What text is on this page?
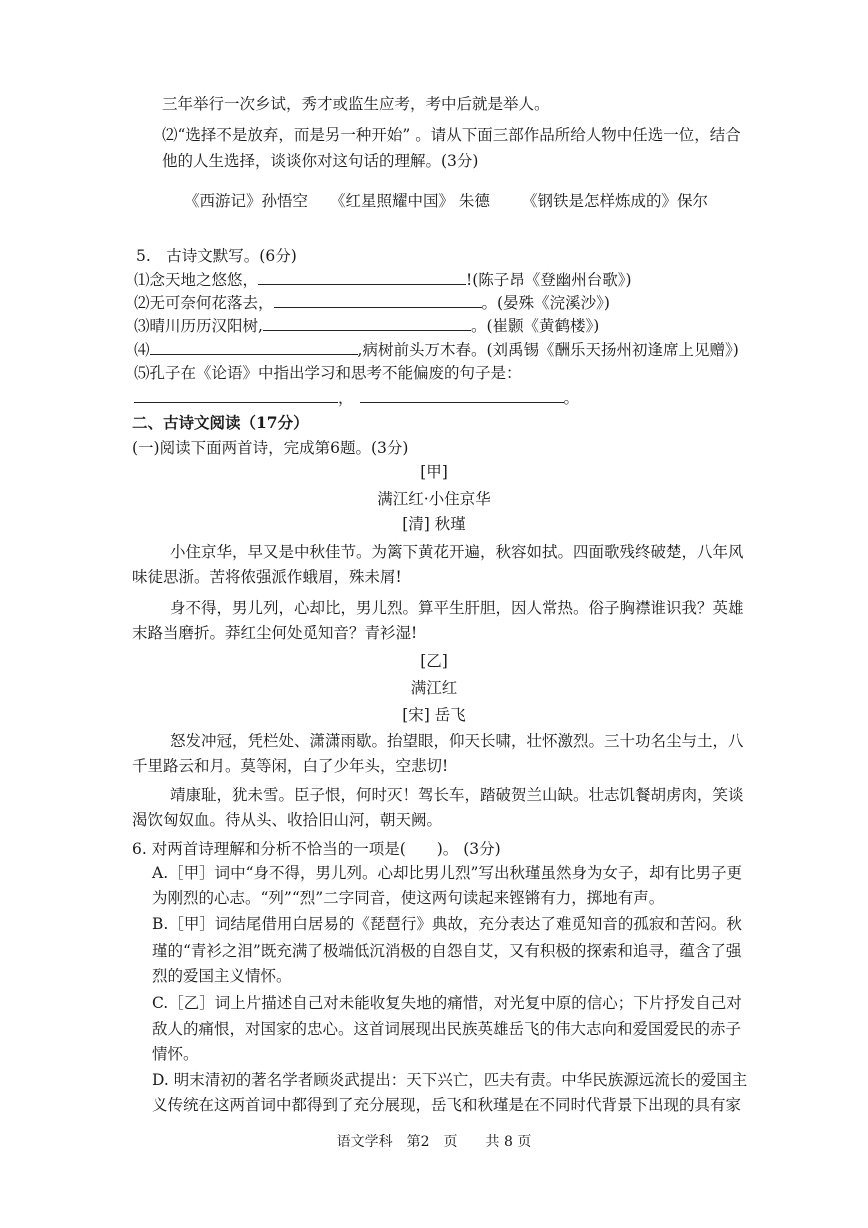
三年举行一次乡试，秀才或监生应考，考中后就是举人。
⑵“选择不是放弃，而是另一种开始” 。请从下面三部作品所给人物中任选一位，结合
他的人生选择，谈谈你对这句话的理解。(3分)
《西游记》孙悟空 《红星照耀中国》 朱德 《钢铁是怎样炼成的》保尔
5.　古诗文默写。(6分)
⑴念天地之悠悠，	!(陈子昂《登幽州台歌》)
⑵无可奈何花落去，	。(晏殊《浣溪沙》)
⑶晴川历历汉阳树,	。(崔颢《黄鹤楼》)
⑷	,病树前头万木春。(刘禹锡《酬乐天扬州初逢席上见赠》)
⑸孔子在《论语》中指出学习和思考不能偏废的句子是：
，	。
二、古诗文阅读（17分）
(一)阅读下面两首诗，完成第6题。(3分)
[甲]
满江红·小住京华
[清] 秋瑾
小住京华，早又是中秋佳节。为篱下黄花开遍，秋容如拭。四面歌残终破楚，八年风
味徒思浙。苦将侬强派作蛾眉，殊未屑!
身不得，男儿列，心却比，男儿烈。算平生肝胆，因人常热。俗子胸襟谁识我？英雄
末路当磨折。莽红尘何处觅知音？青衫湿!
[乙]
满江红
[宋] 岳飞
怒发冲冠，凭栏处、潇潇雨歇。抬望眼，仰天长啸，壮怀激烈。三十功名尘与土，八
千里路云和月。莫等闲，白了少年头，空悲切!
靖康耻，犹未雪。臣子恨，何时灭！驾长车，踏破贺兰山缺。壮志饥餐胡虏肉，笑谈
渴饮匈奴血。待从头、收拾旧山河，朝天阙。
6. 对两首诗理解和分析不恰当的一项是(　　)。 (3分)
A.［甲］词中“身不得，男儿列。心却比男儿烈”写出秋瑾虽然身为女子，却有比男子更
为刚烈的心志。“列”“烈”二字同音，使这两句读起来铿锵有力，掷地有声。
B.［甲］词结尾借用白居易的《琵琶行》典故，充分表达了难觅知音的孤寂和苦闷。秋
瑾的“青衫之泪”既充满了极端低沉消极的自怨自艾，又有积极的探索和追寻，蕴含了强
烈的爱国主义情怀。
C.［乙］词上片描述自己对未能收复失地的痛惜，对光复中原的信心；下片抒发自己对
敌人的痛恨，对国家的忠心。这首词展现出民族英雄岳飞的伟大志向和爱国爱民的赤子
情怀。
D. 明末清初的著名学者顾炎武提出：天下兴亡，匹夫有责。中华民族源远流长的爱国主
义传统在这两首词中都得到了充分展现，岳飞和秋瑾是在不同时代背景下出现的具有家
语文学科　第2　页　　共 8 页
